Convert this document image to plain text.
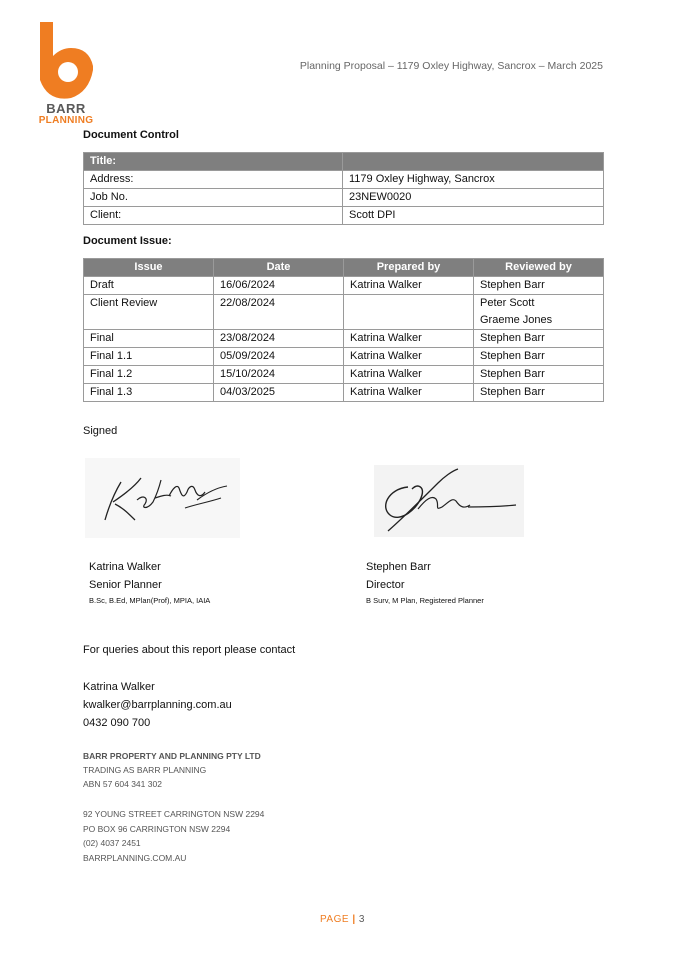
BARR
PLANNING
Planning Proposal – 1179 Oxley Highway, Sancrox – March 2025
Document Control
Title:	
Address:	1179 Oxley Highway, Sancrox
Job No.	23NEW0020
Client:	Scott DPI
Document Issue:
Issue	Date	Prepared by	Reviewed by
Draft	16/06/2024	Katrina Walker	Stephen Barr
Client Review	22/08/2024		Peter Scott
Graeme Jones

Final	23/08/2024	Katrina Walker	Stephen Barr
Final 1.1	05/09/2024	Katrina Walker	Stephen Barr
Final 1.2	15/10/2024	Katrina Walker	Stephen Barr
Final 1.3	04/03/2025	Katrina Walker	Stephen Barr
Signed
Katrina Walker
Senior Planner
B.Sc, B.Ed, MPlan(Prof), MPIA, IAIA
Stephen Barr
Director
B Surv, M Plan, Registered Planner
For queries about this report please contact
Katrina Walker
kwalker@barrplanning.com.au
0432 090 700
BARR PROPERTY AND PLANNING PTY LTD
TRADING AS BARR PLANNING
ABN 57 604 341 302
92 YOUNG STREET CARRINGTON NSW 2294
PO BOX 96 CARRINGTON NSW 2294
(02) 4037 2451
BARRPLANNING.COM.AU
PAGE | 3
